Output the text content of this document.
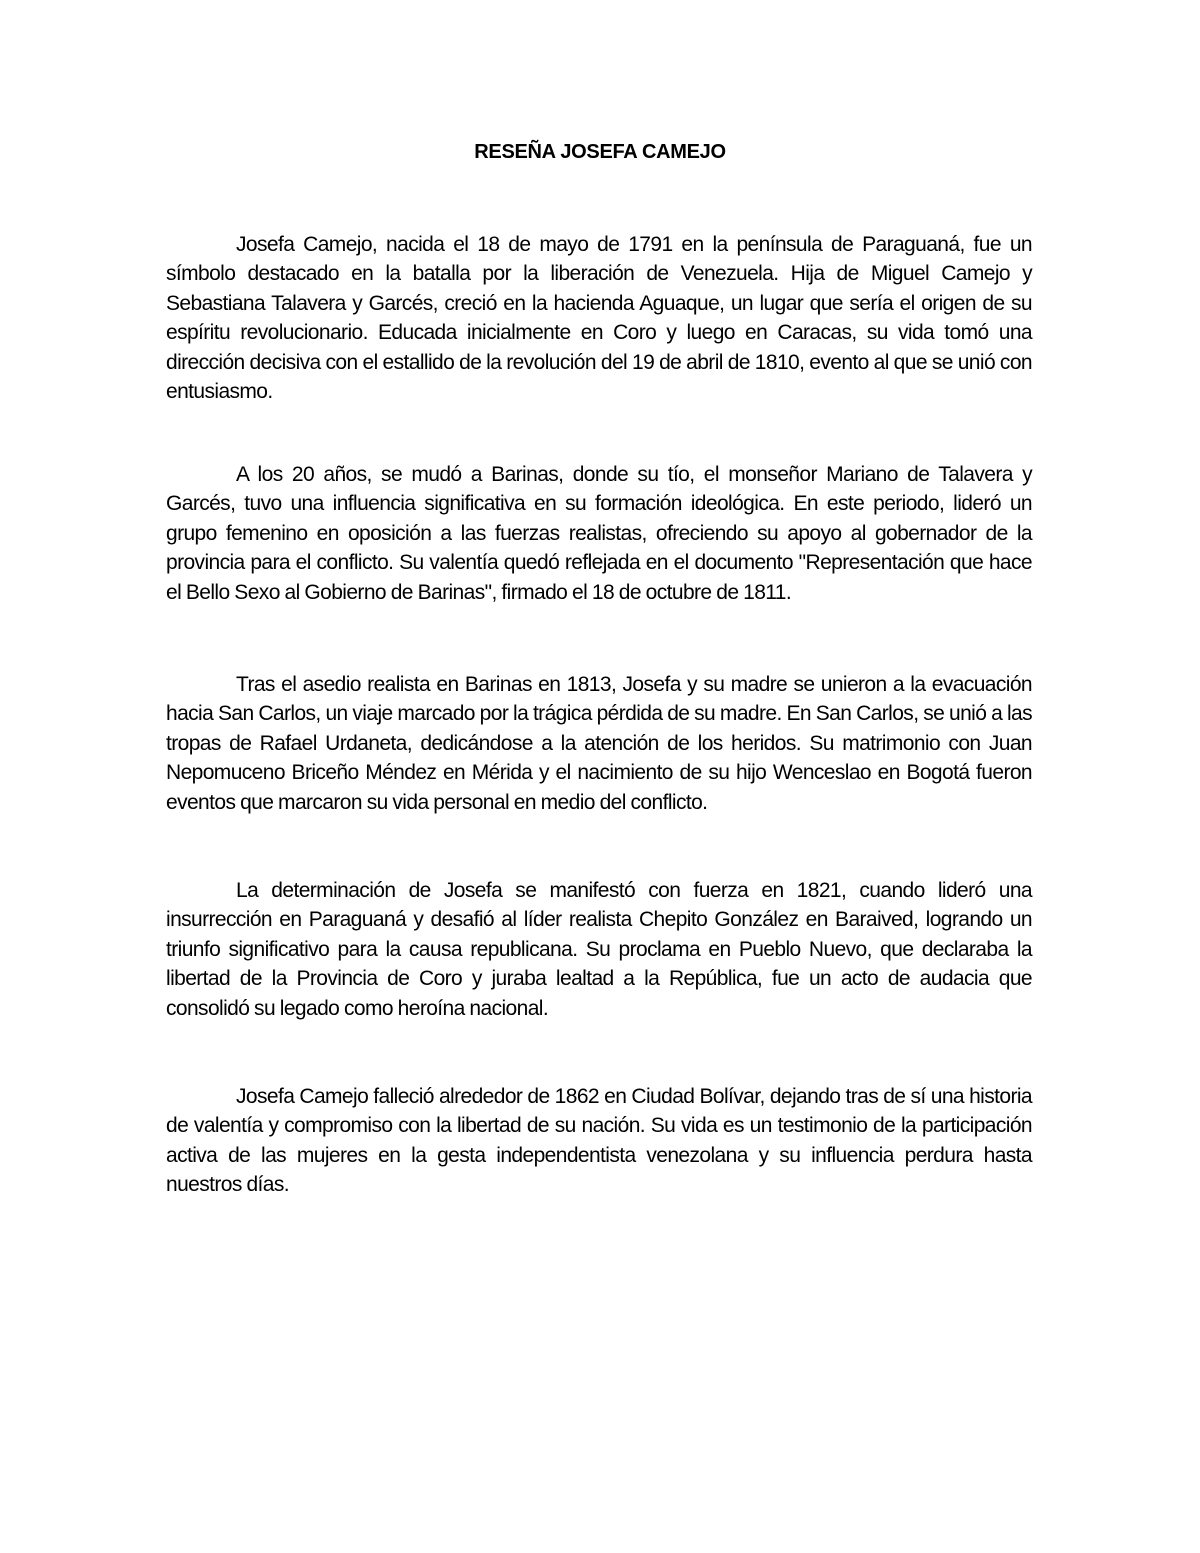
RESEÑA JOSEFA CAMEJO

Josefa Camejo, nacida el 18 de mayo de 1791 en la península de Paraguaná, fue un símbolo destacado en la batalla por la liberación de Venezuela. Hija de Miguel Camejo y Sebastiana Talavera y Garcés, creció en la hacienda Aguaque, un lugar que sería el origen de su espíritu revolucionario. Educada inicialmente en Coro y luego en Caracas, su vida tomó una dirección decisiva con el estallido de la revolución del 19 de abril de 1810, evento al que se unió con entusiasmo.

A los 20 años, se mudó a Barinas, donde su tío, el monseñor Mariano de Talavera y Garcés, tuvo una influencia significativa en su formación ideológica. En este periodo, lideró un grupo femenino en oposición a las fuerzas realistas, ofreciendo su apoyo al gobernador de la provincia para el conflicto. Su valentía quedó reflejada en el documento "Representación que hace el Bello Sexo al Gobierno de Barinas", firmado el 18 de octubre de 1811.

Tras el asedio realista en Barinas en 1813, Josefa y su madre se unieron a la evacuación hacia San Carlos, un viaje marcado por la trágica pérdida de su madre. En San Carlos, se unió a las tropas de Rafael Urdaneta, dedicándose a la atención de los heridos. Su matrimonio con Juan Nepomuceno Briceño Méndez en Mérida y el nacimiento de su hijo Wenceslao en Bogotá fueron eventos que marcaron su vida personal en medio del conflicto.

La determinación de Josefa se manifestó con fuerza en 1821, cuando lideró una insurrección en Paraguaná y desafió al líder realista Chepito González en Baraived, logrando un triunfo significativo para la causa republicana. Su proclama en Pueblo Nuevo, que declaraba la libertad de la Provincia de Coro y juraba lealtad a la República, fue un acto de audacia que consolidó su legado como heroína nacional.

Josefa Camejo falleció alrededor de 1862 en Ciudad Bolívar, dejando tras de sí una historia de valentía y compromiso con la libertad de su nación. Su vida es un testimonio de la participación activa de las mujeres en la gesta independentista venezolana y su influencia perdura hasta nuestros días.
